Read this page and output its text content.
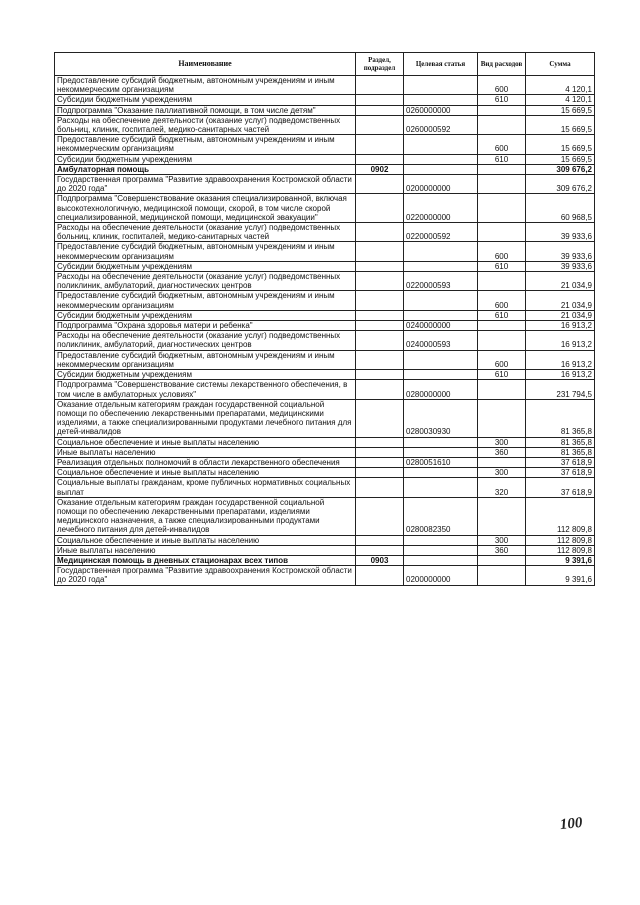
Наименование	Раздел, подраздел	Целевая статья	Вид расходов	Сумма
Предоставление субсидий бюджетным, автономным учреждениям и иным некоммерческим организациям			600	4 120,1
Субсидии бюджетным учреждениям			610	4 120,1
Подпрограмма "Оказание паллиативной помощи, в том числе детям"		0260000000		15 669,5
Расходы на обеспечение деятельности (оказание услуг) подведомственных больниц, клиник, госпиталей, медико-санитарных частей		0260000592		15 669,5
Предоставление субсидий бюджетным, автономным учреждениям и иным некоммерческим организациям			600	15 669,5
Субсидии бюджетным учреждениям			610	15 669,5
Амбулаторная помощь	0902			309 676,2
Государственная программа "Развитие здравоохранения Костромской области до 2020 года"		0200000000		309 676,2
Подпрограмма "Совершенствование оказания специализированной, включая высокотехнологичную, медицинской помощи, скорой, в том числе скорой специализированной, медицинской помощи, медицинской эвакуации"		0220000000		60 968,5
Расходы на обеспечение деятельности (оказание услуг) подведомственных больниц, клиник, госпиталей, медико-санитарных частей		0220000592		39 933,6
Предоставление субсидий бюджетным, автономным учреждениям и иным некоммерческим организациям			600	39 933,6
Субсидии бюджетным учреждениям			610	39 933,6
Расходы на обеспечение деятельности (оказание услуг) подведомственных поликлиник, амбулаторий, диагностических центров		0220000593		21 034,9
Предоставление субсидий бюджетным, автономным учреждениям и иным некоммерческим организациям			600	21 034,9
Субсидии бюджетным учреждениям			610	21 034,9
Подпрограмма "Охрана здоровья матери и ребенка"		0240000000		16 913,2
Расходы на обеспечение деятельности (оказание услуг) подведомственных поликлиник, амбулаторий, диагностических центров		0240000593		16 913,2
Предоставление субсидий бюджетным, автономным учреждениям и иным некоммерческим организациям			600	16 913,2
Субсидии бюджетным учреждениям			610	16 913,2
Подпрограмма "Совершенствование системы лекарственного обеспечения, в том числе в амбулаторных условиях"		0280000000		231 794,5
Оказание отдельным категориям граждан государственной социальной помощи по обеспечению лекарственными препаратами, медицинскими изделиями, а также специализированными продуктами лечебного питания для детей-инвалидов		0280030930		81 365,8
Социальное обеспечение и иные выплаты населению			300	81 365,8
Иные выплаты населению			360	81 365,8
Реализация отдельных полномочий в области лекарственного обеспечения		0280051610		37 618,9
Социальное обеспечение и иные выплаты населению			300	37 618,9
Социальные выплаты гражданам, кроме публичных нормативных социальных выплат			320	37 618,9
Оказание отдельным категориям граждан государственной социальной помощи по обеспечению лекарственными препаратами, изделиями медицинского назначения, а также специализированными продуктами лечебного питания для детей-инвалидов		0280082350		112 809,8
Социальное обеспечение и иные выплаты населению			300	112 809,8
Иные выплаты населению			360	112 809,8
Медицинская помощь в дневных стационарах всех типов	0903			9 391,6
Государственная программа "Развитие здравоохранения Костромской области до 2020 года"		0200000000		9 391,6
100
